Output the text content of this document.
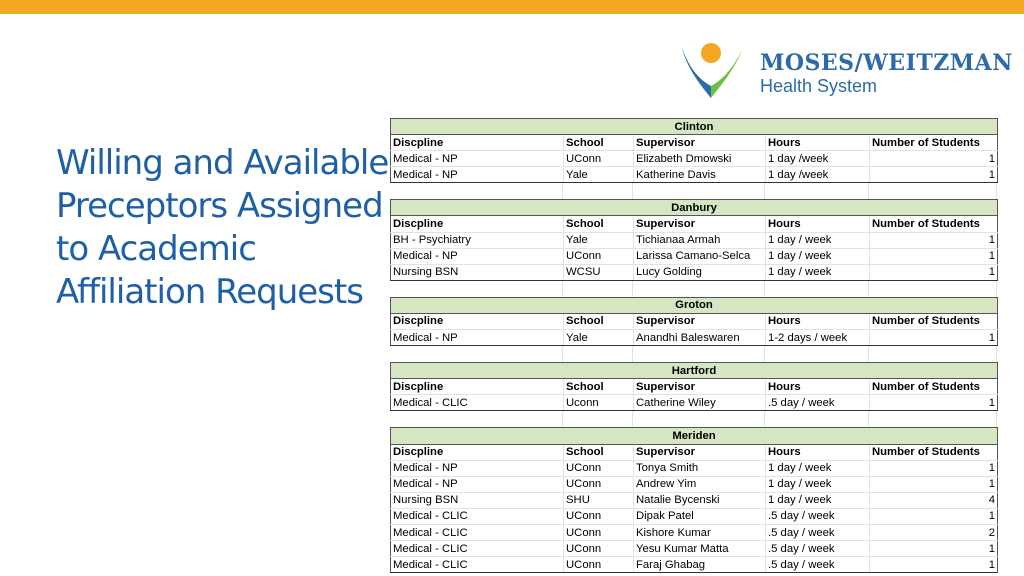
Willing and Available
Preceptors Assigned
to Academic
Affiliation Requests
MOSES/WEITZMAN
Health System
Clinton				
Discpline	School	Supervisor	Hours	Number of Students
Medical - NP	UConn	Elizabeth Dmowski	1 day /week	1
Medical - NP	Yale	Katherine Davis	1 day /week	1
Danbury				
Discpline	School	Supervisor	Hours	Number of Students
BH - Psychiatry	Yale	Tichianaa Armah	1 day / week	1
Medical - NP	UConn	Larissa Camano-Selca	1 day / week	1
Nursing BSN	WCSU	Lucy Golding	1 day / week	1
Groton				
Discpline	School	Supervisor	Hours	Number of Students
Medical - NP	Yale	Anandhi Baleswaren	1-2 days / week	1
Hartford				
Discpline	School	Supervisor	Hours	Number of Students
Medical - CLIC	Uconn	Catherine Wiley	.5 day / week	1
Meriden				
Discpline	School	Supervisor	Hours	Number of Students
Medical - NP	UConn	Tonya Smith	1 day / week	1
Medical - NP	UConn	Andrew Yim	1 day / week	1
Nursing BSN	SHU	Natalie Bycenski	1 day / week	4
Medical - CLIC	UConn	Dipak Patel	.5 day / week	1
Medical - CLIC	UConn	Kishore Kumar	.5 day / week	2
Medical - CLIC	UConn	Yesu Kumar Matta	.5 day / week	1
Medical - CLIC	UConn	Faraj Ghabag	.5 day / week	1
